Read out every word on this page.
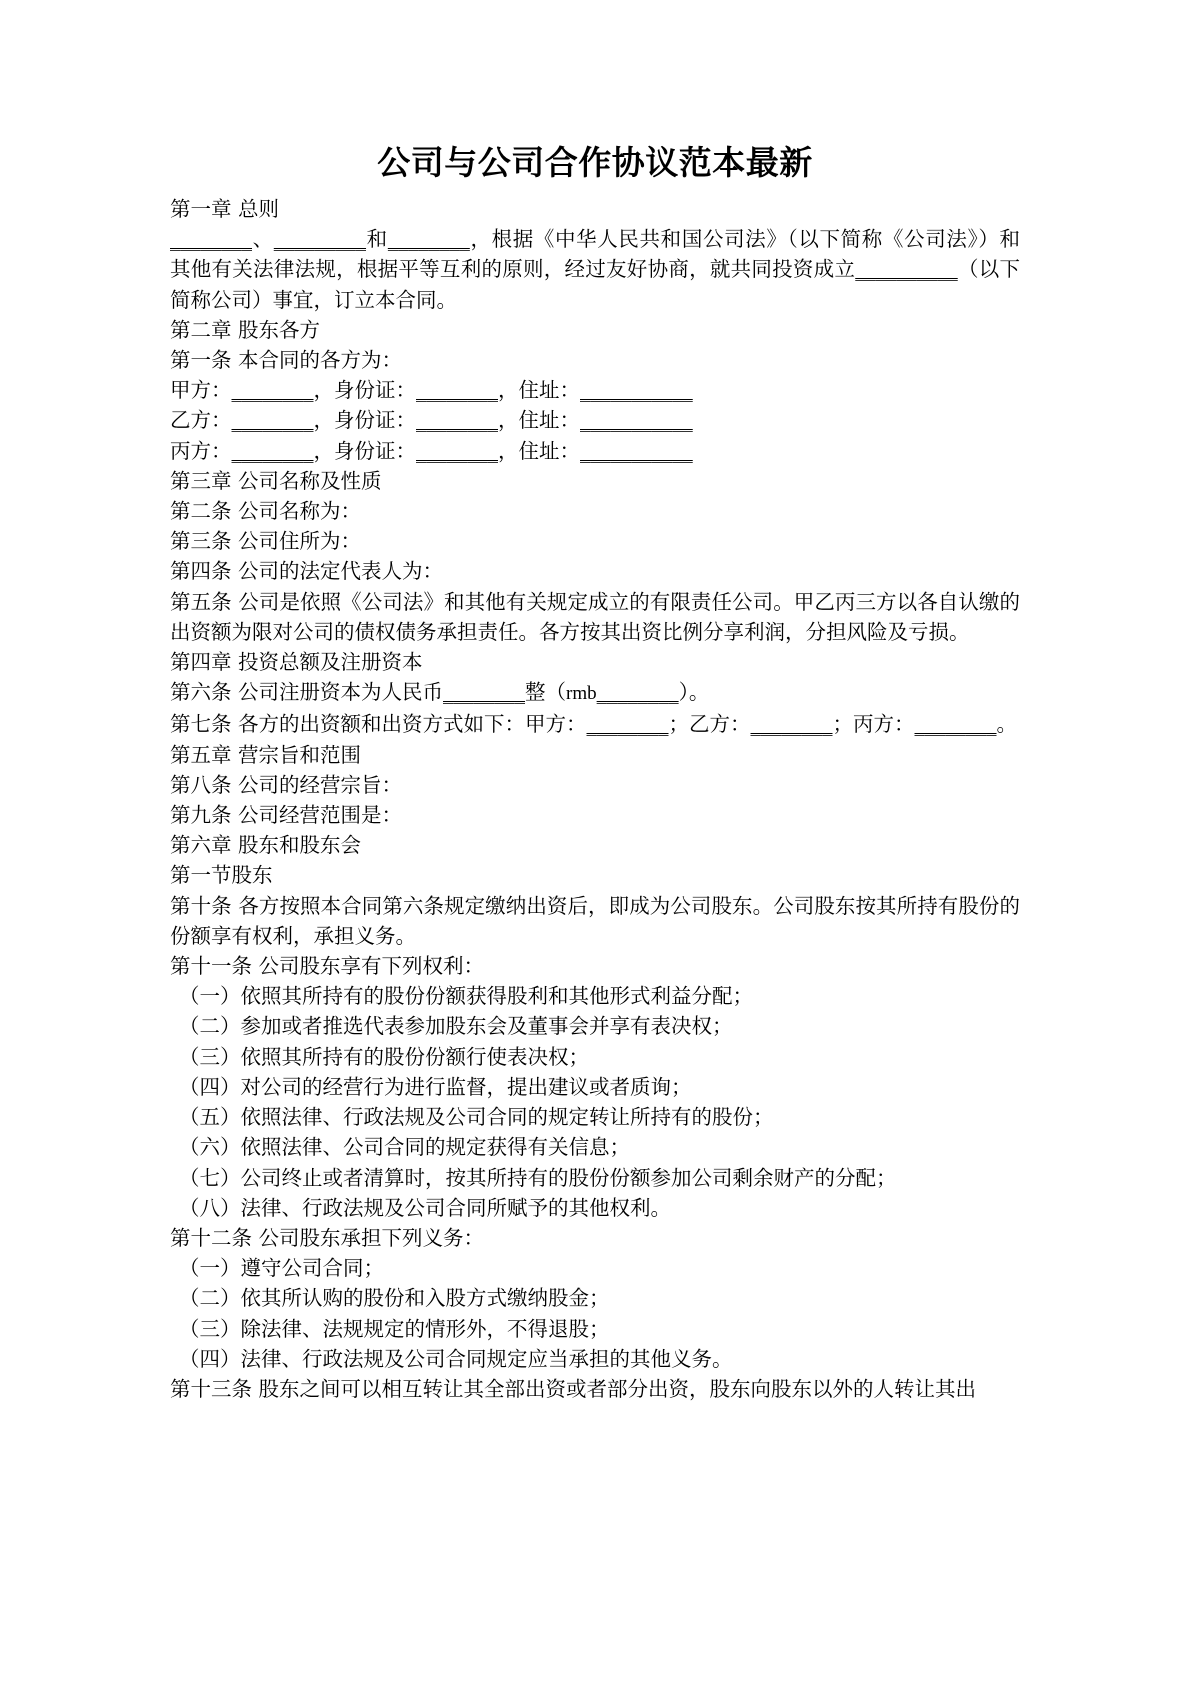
公司与公司合作协议范本最新

第一章 总则

________、_________和________，根据《中华人民共和国公司法》（以下简称《公司法》）和其他有关法律法规，根据平等互利的原则，经过友好协商，就共同投资成立__________（以下简称公司）事宜，订立本合同。

第二章 股东各方

第一条 本合同的各方为：

甲方：________，身份证：________，住址：___________

乙方：________，身份证：________，住址：___________

丙方：________，身份证：________，住址：___________

第三章 公司名称及性质

第二条 公司名称为：

第三条 公司住所为：

第四条 公司的法定代表人为：

第五条 公司是依照《公司法》和其他有关规定成立的有限责任公司。甲乙丙三方以各自认缴的出资额为限对公司的债权债务承担责任。各方按其出资比例分享利润，分担风险及亏损。

第四章 投资总额及注册资本

第六条 公司注册资本为人民币________整（rmb________）。

第七条 各方的出资额和出资方式如下：甲方：________；乙方：________；丙方：________。

第五章 营宗旨和范围

第八条 公司的经营宗旨：

第九条 公司经营范围是：

第六章 股东和股东会

第一节股东

第十条 各方按照本合同第六条规定缴纳出资后，即成为公司股东。公司股东按其所持有股份的份额享有权利，承担义务。

第十一条 公司股东享有下列权利：

（一）依照其所持有的股份份额获得股利和其他形式利益分配；

（二）参加或者推选代表参加股东会及董事会并享有表决权；

（三）依照其所持有的股份份额行使表决权；

（四）对公司的经营行为进行监督，提出建议或者质询；

（五）依照法律、行政法规及公司合同的规定转让所持有的股份；

（六）依照法律、公司合同的规定获得有关信息；

（七）公司终止或者清算时，按其所持有的股份份额参加公司剩余财产的分配；

（八）法律、行政法规及公司合同所赋予的其他权利。

第十二条 公司股东承担下列义务：

（一）遵守公司合同；

（二）依其所认购的股份和入股方式缴纳股金；

（三）除法律、法规规定的情形外，不得退股；

（四）法律、行政法规及公司合同规定应当承担的其他义务。

第十三条 股东之间可以相互转让其全部出资或者部分出资，股东向股东以外的人转让其出
